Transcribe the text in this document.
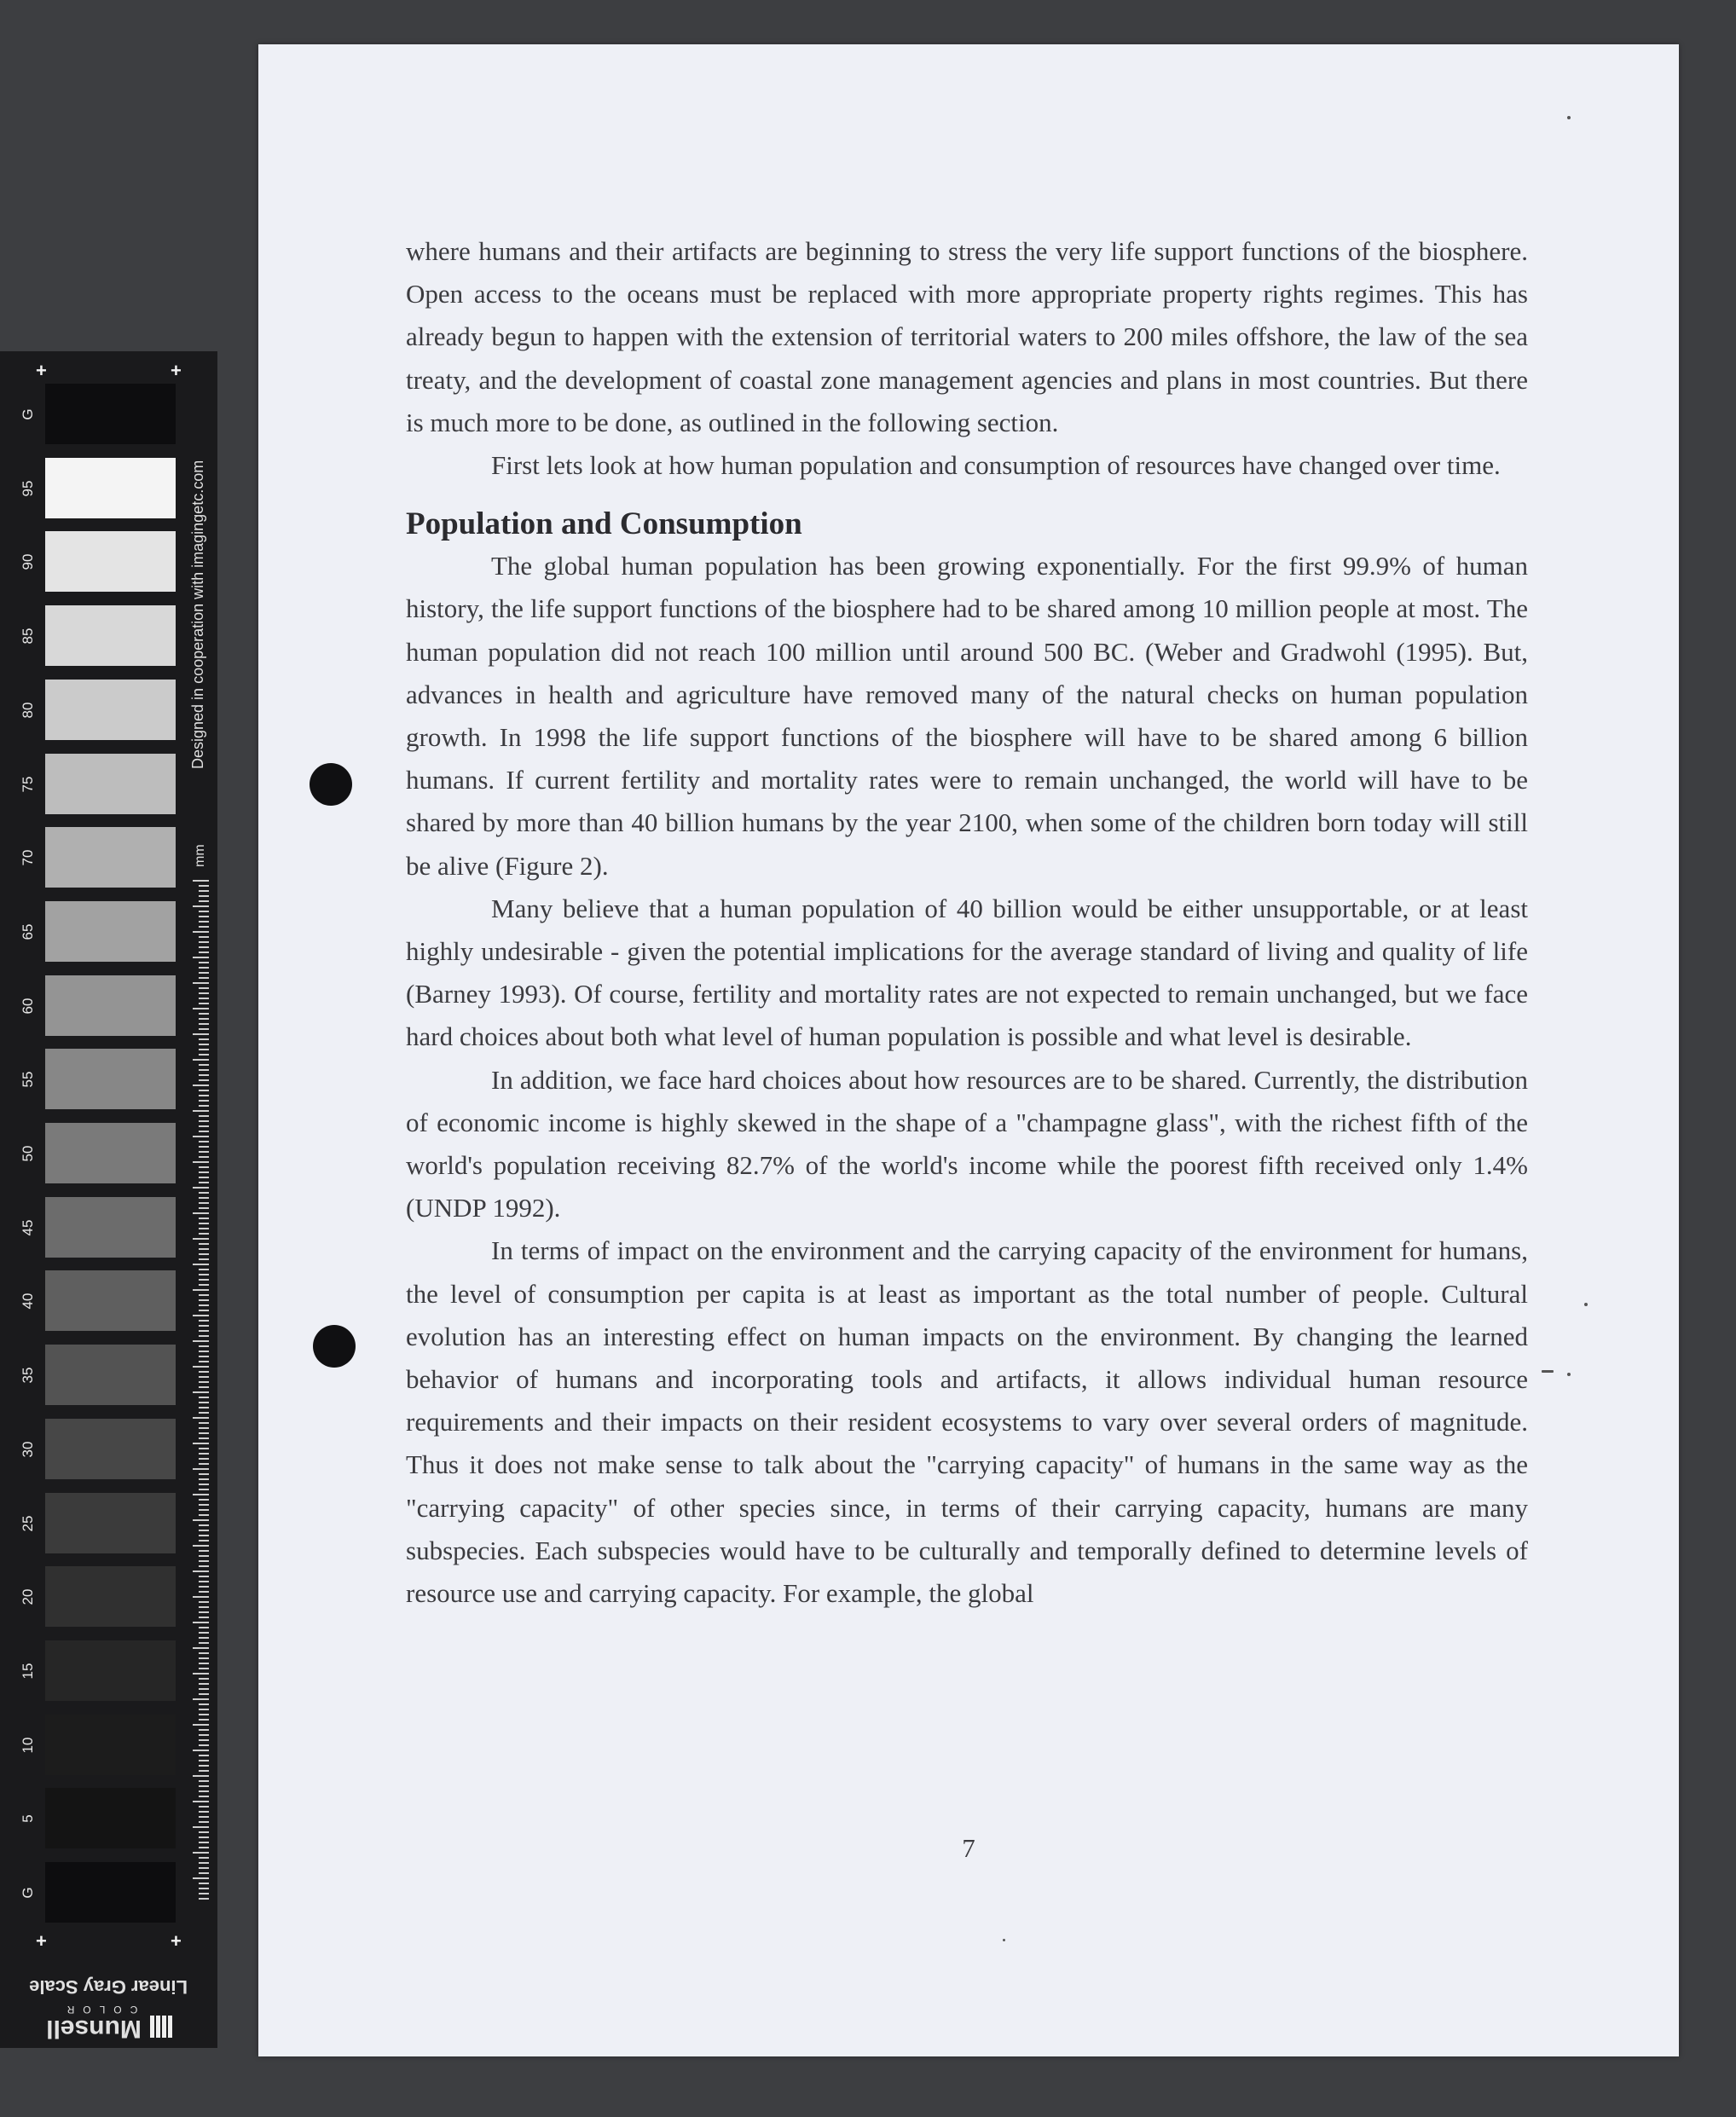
G
95
90
85
80
75
70
65
60
55
50
45
40
35
30
25
20
15
10
5
G
+	+
+	+
Designed in cooperation with imagingetc.com
mm
Linear Gray Scale
Munsell
COLOR

where humans and their artifacts are beginning to stress the very life support functions of the biosphere. Open access to the oceans must be replaced with more appropriate property rights regimes. This has already begun to happen with the extension of territorial waters to 200 miles offshore, the law of the sea treaty, and the development of coastal zone management agencies and plans in most countries. But there is much more to be done, as outlined in the following section.

First lets look at how human population and consumption of resources have changed over time.

Population and Consumption

The global human population has been growing exponentially. For the first 99.9% of human history, the life support functions of the biosphere had to be shared among 10 million people at most. The human population did not reach 100 million until around 500 BC. (Weber and Gradwohl (1995). But, advances in health and agriculture have removed many of the natural checks on human population growth. In 1998 the life support functions of the biosphere will have to be shared among 6 billion humans. If current fertility and mortality rates were to remain unchanged, the world will have to be shared by more than 40 billion humans by the year 2100, when some of the children born today will still be alive (Figure 2).

Many believe that a human population of 40 billion would be either unsupportable, or at least highly undesirable - given the potential implications for the average standard of living and quality of life (Barney 1993). Of course, fertility and mortality rates are not expected to remain unchanged, but we face hard choices about both what level of human population is possible and what level is desirable.

In addition, we face hard choices about how resources are to be shared. Currently, the distribution of economic income is highly skewed in the shape of a "champagne glass", with the richest fifth of the world's population receiving 82.7% of the world's income while the poorest fifth received only 1.4% (UNDP 1992).

In terms of impact on the environment and the carrying capacity of the environment for humans, the level of consumption per capita is at least as important as the total number of people. Cultural evolution has an interesting effect on human impacts on the environment. By changing the learned behavior of humans and incorporating tools and artifacts, it allows individual human resource requirements and their impacts on their resident ecosystems to vary over several orders of magnitude. Thus it does not make sense to talk about the "carrying capacity" of humans in the same way as the "carrying capacity" of other species since, in terms of their carrying capacity, humans are many subspecies. Each subspecies would have to be culturally and temporally defined to determine levels of resource use and carrying capacity. For example, the global

7
